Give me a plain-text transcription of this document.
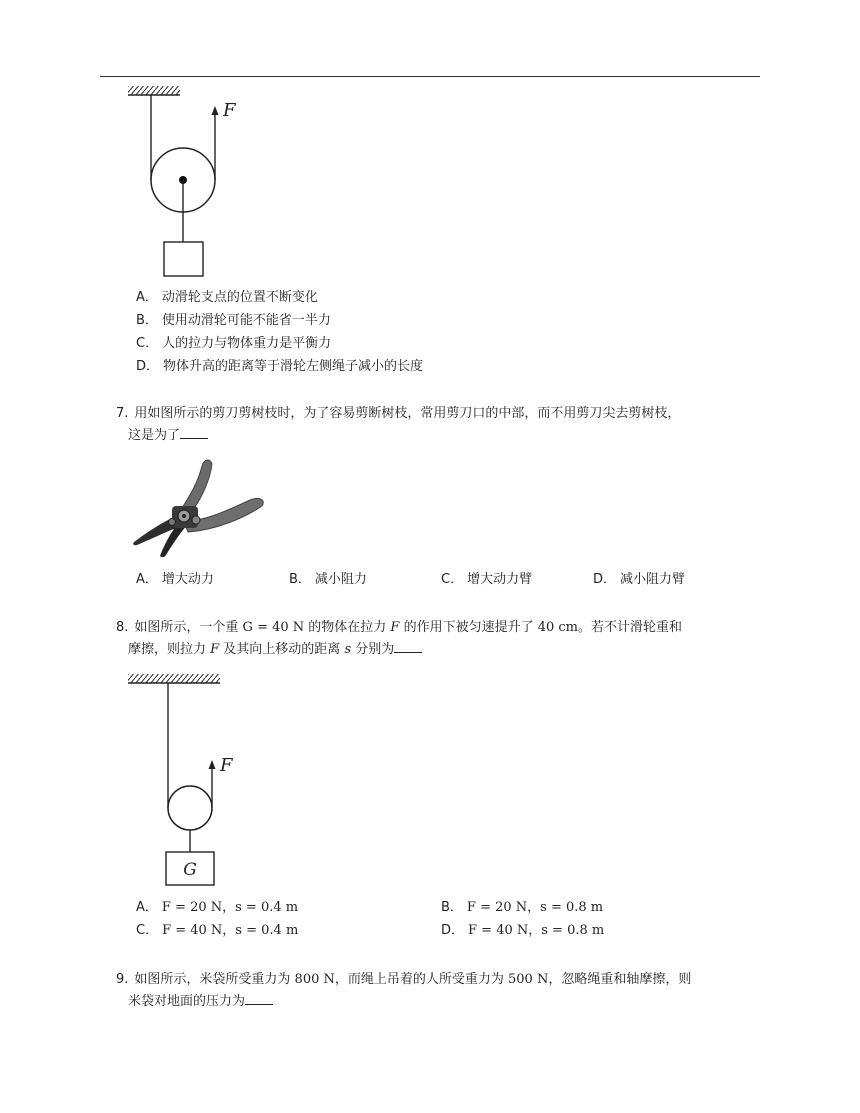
F
A． 动滑轮支点的位置不断变化
B． 使用动滑轮可能不能省一半力
C． 人的拉力与物体重力是平衡力
D． 物体升高的距离等于滑轮左侧绳子减小的长度
7. 用如图所示的剪刀剪树枝时，为了容易剪断树枝，常用剪刀口的中部，而不用剪刀尖去剪树枝，
这是为了
A． 增大动力	B． 减小阻力	C． 增大动力臂	D． 减小阻力臂
8. 如图所示，一个重 G = 40 N 的物体在拉力 F 的作用下被匀速提升了 40 cm。若不计滑轮重和
摩擦，则拉力 F 及其向上移动的距离 s 分别为
G
F
A． F = 20 N，s = 0.4 m	B． F = 20 N，s = 0.8 m
C． F = 40 N，s = 0.4 m	D． F = 40 N，s = 0.8 m
9. 如图所示，米袋所受重力为 800 N，而绳上吊着的人所受重力为 500 N，忽略绳重和轴摩擦，则
米袋对地面的压力为
